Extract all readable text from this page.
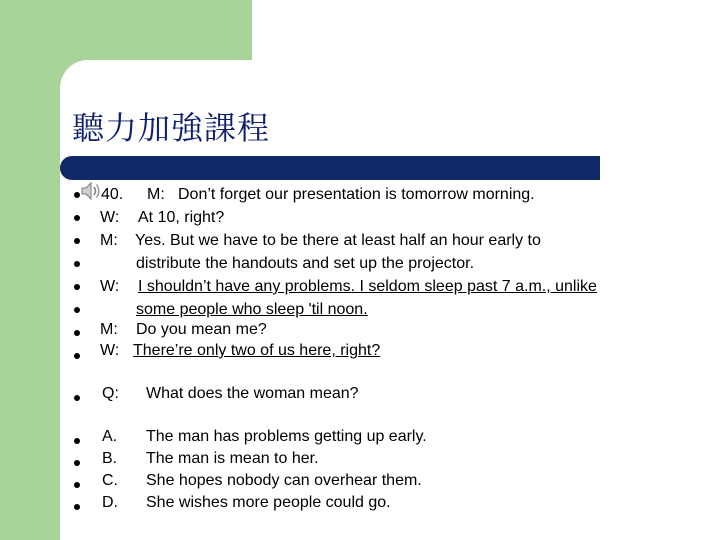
聽力加強課程
40. M: Don’t forget our presentation is tomorrow morning.
W: At 10, right?
M: Yes. But we have to be there at least half an hour early to
distribute the handouts and set up the projector.
W: I shouldn’t have any problems. I seldom sleep past 7 a.m., unlike
some people who sleep 'til noon.
M: Do you mean me?
W: There’re only two of us here, right?
Q: What does the woman mean?
A. The man has problems getting up early.
B. The man is mean to her.
C. She hopes nobody can overhear them.
D. She wishes more people could go.
